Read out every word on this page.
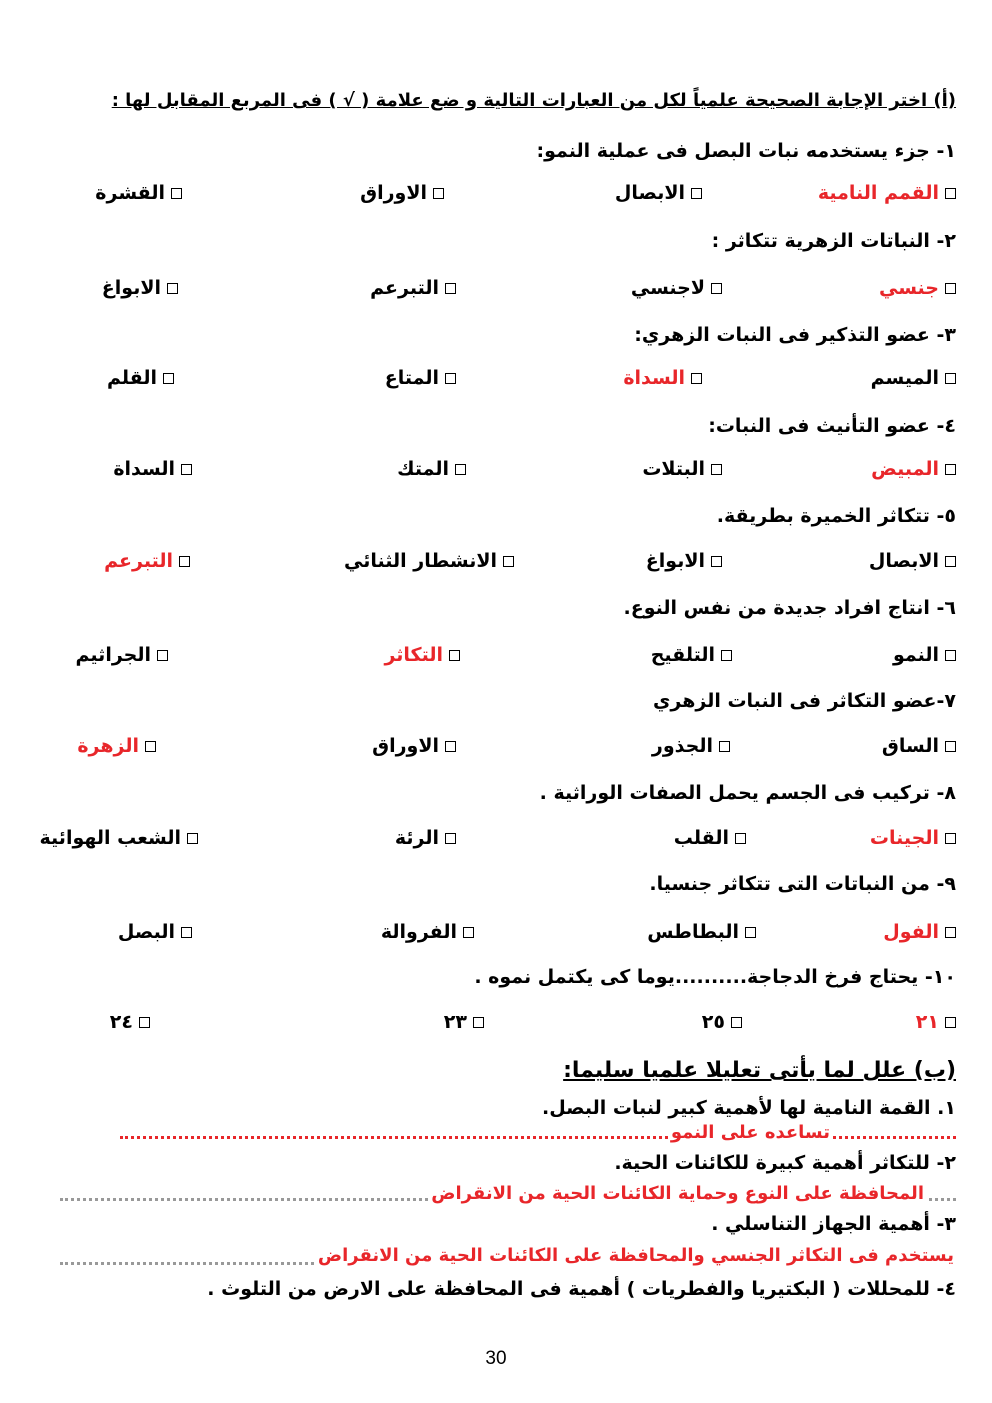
(أ) اختر الإجابة الصحيحة علمياً لكل من العبارات التالية و ضع علامة ( √ ) فى المربع المقابل لها :
١- جزء يستخدمه نبات البصل فى عملية النمو:
القمم النامية
الابصال
الاوراق
القشرة
٢- النباتات الزهرية تتكاثر :
جنسي
لاجنسي
التبرعم
الابواغ
٣- عضو التذكير فى النبات الزهري:
الميسم
السداة
المتاع
القلم
٤- عضو التأنيث فى النبات:
المبيض
البتلات
المتك
السداة
٥- تتكاثر الخميرة بطريقة.
الابصال
الابواغ
الانشطار الثنائي
التبرعم
٦- انتاج افراد جديدة من نفس النوع.
النمو
التلقيح
التكاثر
الجراثيم
٧-عضو التكاثر فى النبات الزهري
الساق
الجذور
الاوراق
الزهرة
٨- تركيب فى الجسم يحمل الصفات الوراثية .
الجينات
القلب
الرئة
الشعب الهوائية
٩- من النباتات التى تتكاثر جنسيا.
الفول
البطاطس
الفروالة
البصل
١٠- يحتاج فرخ الدجاجة..........يوما كى يكتمل نموه .
٢١
٢٥
٢٣
٢٤
(ب) علل لما يأتى تعليلا علميا سليما:
١. القمة النامية لها لأهمية كبير لنبات البصل.
تساعده على النمو
٢- للتكاثر أهمية كبيرة للكائنات الحية.
المحافظة على النوع وحماية الكائنات الحية من الانقراض
٣- أهمية الجهاز التناسلي .
يستخدم فى التكاثر الجنسي والمحافظة على الكائنات الحية من الانقراض
٤- للمحللات ( البكتيريا والفطريات ) أهمية فى المحافظة على الارض من التلوث .
30
